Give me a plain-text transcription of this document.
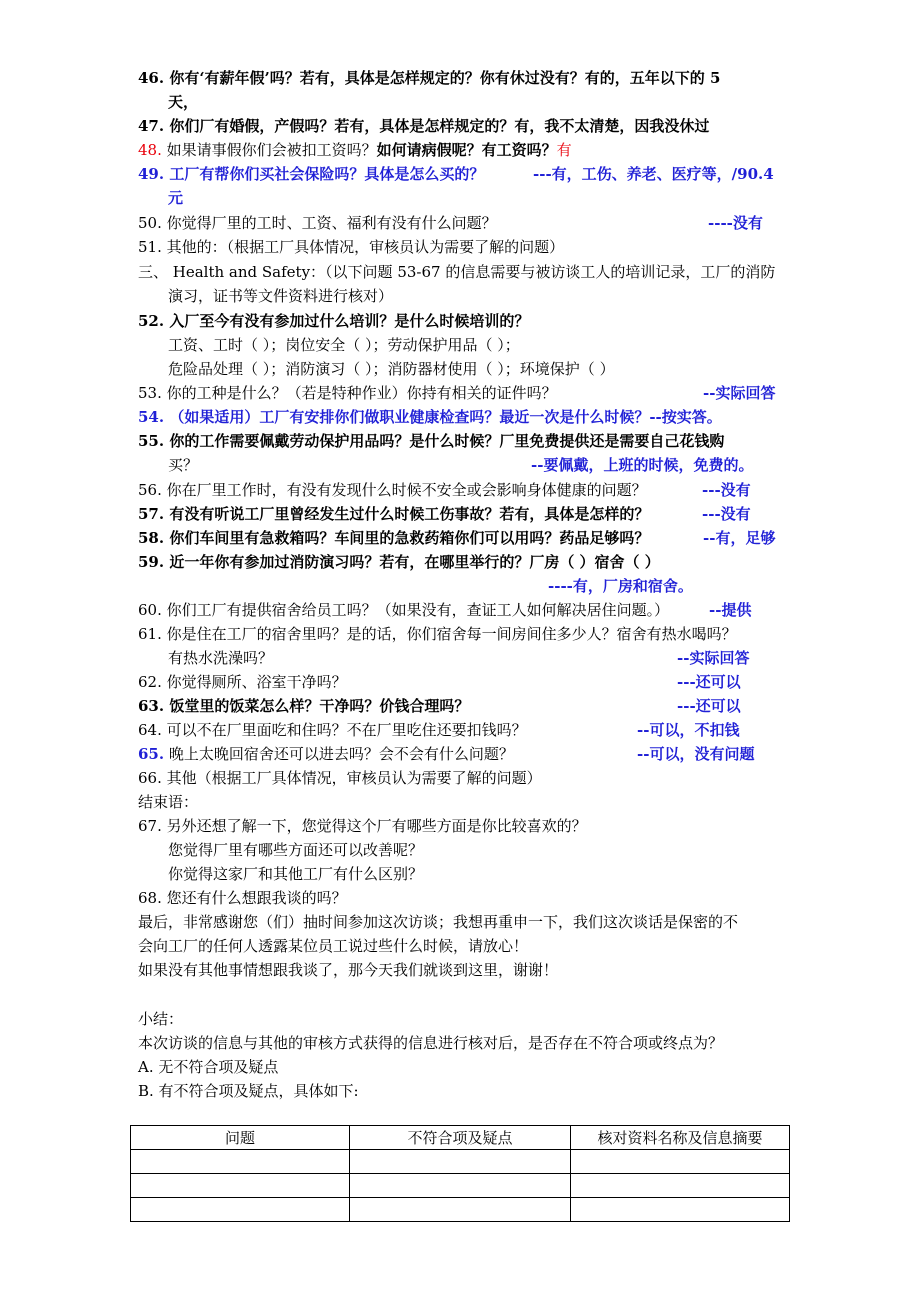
46. 你有‘有薪年假’吗？若有，具体是怎样规定的？你有休过没有？有的，五年以下的 5
天，
47. 你们厂有婚假，产假吗？若有，具体是怎样规定的？有，我不太清楚，因我没休过
48. 如果请事假你们会被扣工资吗？如何请病假呢？有工资吗？有
49. 工厂有帮你们买社会保险吗？具体是怎么买的？	---有，工伤、养老、医疗等，/90.4
元
50. 你觉得厂里的工时、工资、福利有没有什么问题？	----没有
51. 其他的：（根据工厂具体情况，审核员认为需要了解的问题）
三、 Health and Safety：（以下问题 53-67 的信息需要与被访谈工人的培训记录，工厂的消防
演习，证书等文件资料进行核对）
52. 入厂至今有没有参加过什么培训？是什么时候培训的？
工资、工时（ ）；岗位安全（ ）；劳动保护用品（ ）；
危险品处理（ ）；消防演习（ ）；消防器材使用（ ）；环境保护（ ）
53. 你的工种是什么？（若是特种作业）你持有相关的证件吗？	--实际回答
54. （如果适用）工厂有安排你们做职业健康检查吗？最近一次是什么时候？--按实答。
55. 你的工作需要佩戴劳动保护用品吗？是什么时候？厂里免费提供还是需要自己花钱购
买？	--要佩戴，上班的时候，免费的。
56. 你在厂里工作时，有没有发现什么时候不安全或会影响身体健康的问题？	---没有
57. 有没有听说工厂里曾经发生过什么时候工伤事故？若有，具体是怎样的？	---没有
58. 你们车间里有急救箱吗？车间里的急救药箱你们可以用吗？药品足够吗？	--有，足够
59. 近一年你有参加过消防演习吗？若有，在哪里举行的？厂房（ ）宿舍（ ）
----有，厂房和宿舍。
60. 你们工厂有提供宿舍给员工吗？（如果没有，查证工人如何解决居住问题。）	--提供
61. 你是住在工厂的宿舍里吗？是的话，你们宿舍每一间房间住多少人？宿舍有热水喝吗？
有热水洗澡吗？	--实际回答
62. 你觉得厕所、浴室干净吗？	---还可以
63. 饭堂里的饭菜怎么样？干净吗？价钱合理吗？	---还可以
64. 可以不在厂里面吃和住吗？不在厂里吃住还要扣钱吗？	--可以，不扣钱
65. 晚上太晚回宿舍还可以进去吗？会不会有什么问题？	--可以，没有问题
66. 其他（根据工厂具体情况，审核员认为需要了解的问题）
结束语：
67. 另外还想了解一下，您觉得这个厂有哪些方面是你比较喜欢的？
您觉得厂里有哪些方面还可以改善呢？
你觉得这家厂和其他工厂有什么区别？
68. 您还有什么想跟我谈的吗？
最后，非常感谢您（们）抽时间参加这次访谈；我想再重申一下，我们这次谈话是保密的不
会向工厂的任何人透露某位员工说过些什么时候，请放心！
如果没有其他事情想跟我谈了，那今天我们就谈到这里，谢谢！
小结：
本次访谈的信息与其他的审核方式获得的信息进行核对后，是否存在不符合项或终点为？
A. 无不符合项及疑点
B. 有不符合项及疑点，具体如下:
问题	不符合项及疑点	核对资料名称及信息摘要
